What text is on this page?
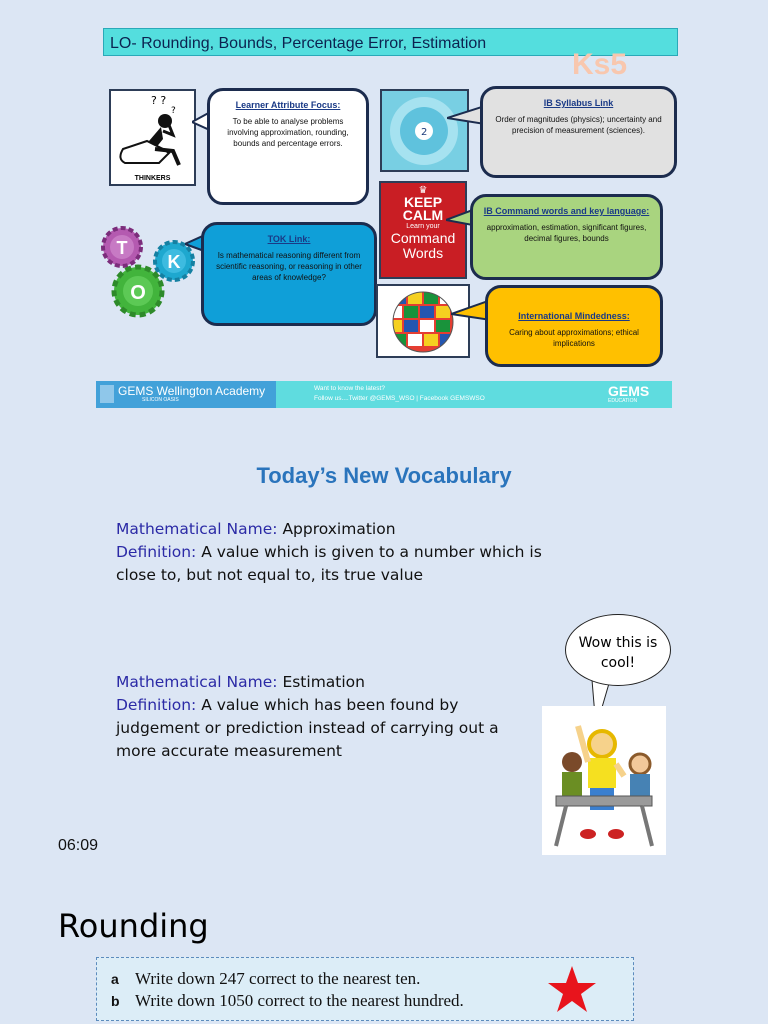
LO- Rounding, Bounds, Percentage Error, Estimation
Ks5
? ?
?
THINKERS
Learner Attribute Focus:
To be able to analyse problems involving approximation, rounding, bounds and percentage errors.
2
IB Syllabus Link
Order of magnitudes (physics); uncertainty and precision of measurement (sciences).
♛
KEEP
CALM
Learn your
Command
Words
IB Command words and key language:
approximation, estimation, significant figures, decimal figures, bounds
T
K
O
TOK Link:
Is mathematical reasoning different from scientific reasoning, or reasoning in other areas of knowledge?
International Mindedness:
Caring about approximations; ethical implications
GEMS Wellington Academy
SILICON OASIS
Want to know the latest?
Follow us....Twitter @GEMS_WSO | Facebook GEMSWSO	GEMS
EDUCATION
Today’s New Vocabulary
Mathematical Name: Approximation
Definition: A value which is given to a number which is close to, but not equal to, its true value
Mathematical Name: Estimation
Definition: A value which has been found by judgement or prediction instead of carrying out a more accurate measurement
Wow this is cool!
06:09
Rounding
a Write down 247 correct to the nearest ten.
b Write down 1050 correct to the nearest hundred.
